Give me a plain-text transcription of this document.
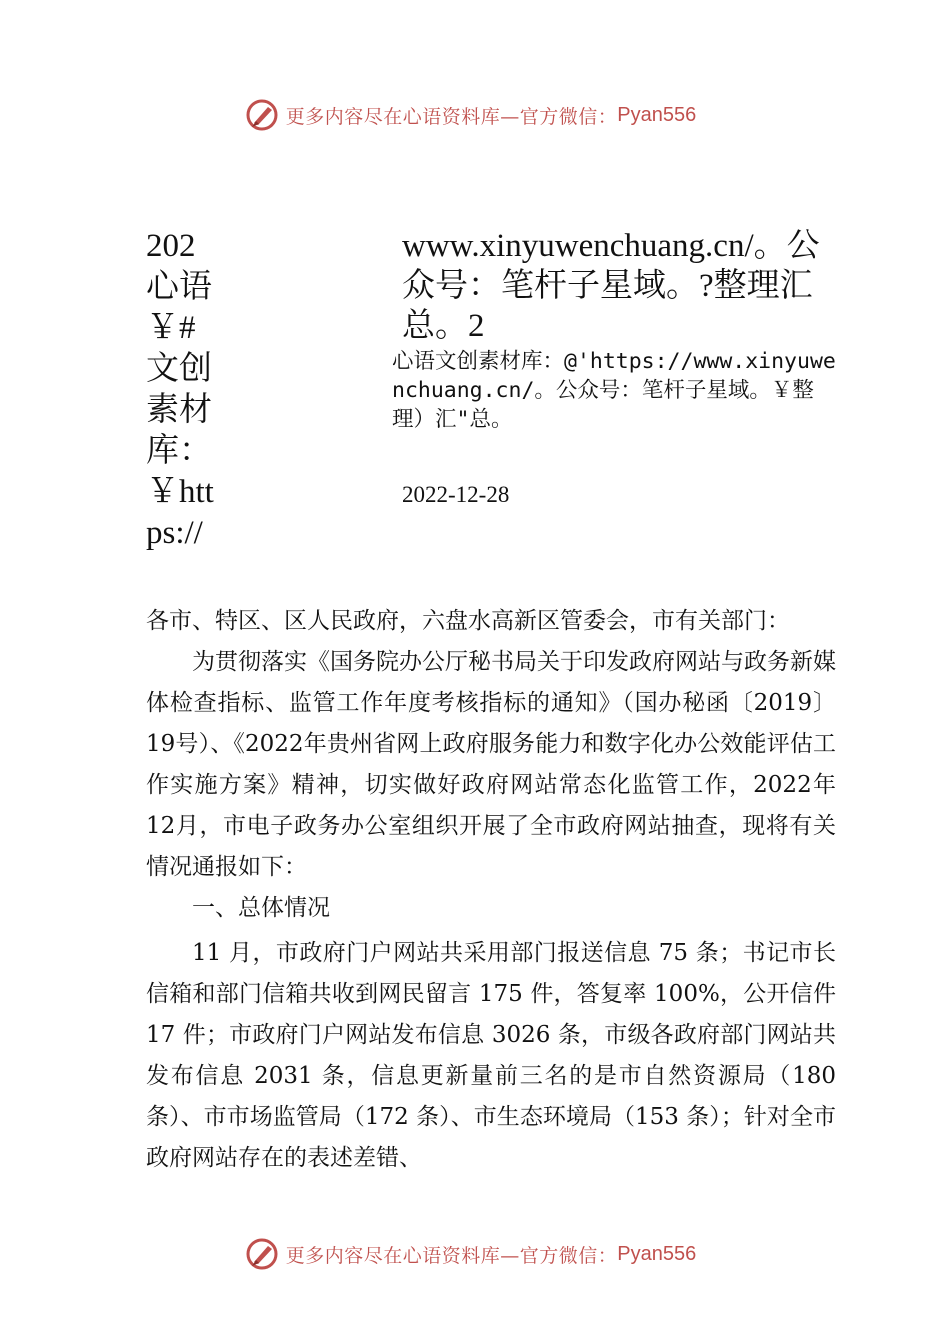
更多内容尽在心语资料库—官方微信： Pyan556
202心语￥#文创素材库：￥https://
www.xinyuwenchuang.cn/。公众号：笔杆子星域。?整理汇总。2
心语文创素材库：@'https://www.xinyuwenchuang.cn/。公众号：笔杆子星域。￥整理）汇"总。
2022-12-28

各市、特区、区人民政府，六盘水高新区管委会，市有关部门：

为贯彻落实《国务院办公厅秘书局关于印发政府网站与政务新媒体检查指标、监管工作年度考核指标的通知》（国办秘函〔2019〕19号）、《2022年贵州省网上政府服务能力和数字化办公效能评估工作实施方案》精神，切实做好政府网站常态化监管工作，2022年 12月，市电子政务办公室组织开展了全市政府网站抽查，现将有关情况通报如下：

一、总体情况

11 月，市政府门户网站共采用部门报送信息 75 条；书记市长信箱和部门信箱共收到网民留言 175 件，答复率 100%，公开信件 17 件；市政府门户网站发布信息 3026 条，市级各政府部门网站共发布信息 2031 条，信息更新量前三名的是市自然资源局（180 条）、市市场监管局（172 条）、市生态环境局（153 条）；针对全市政府网站存在的表述差错、

更多内容尽在心语资料库—官方微信： Pyan556
